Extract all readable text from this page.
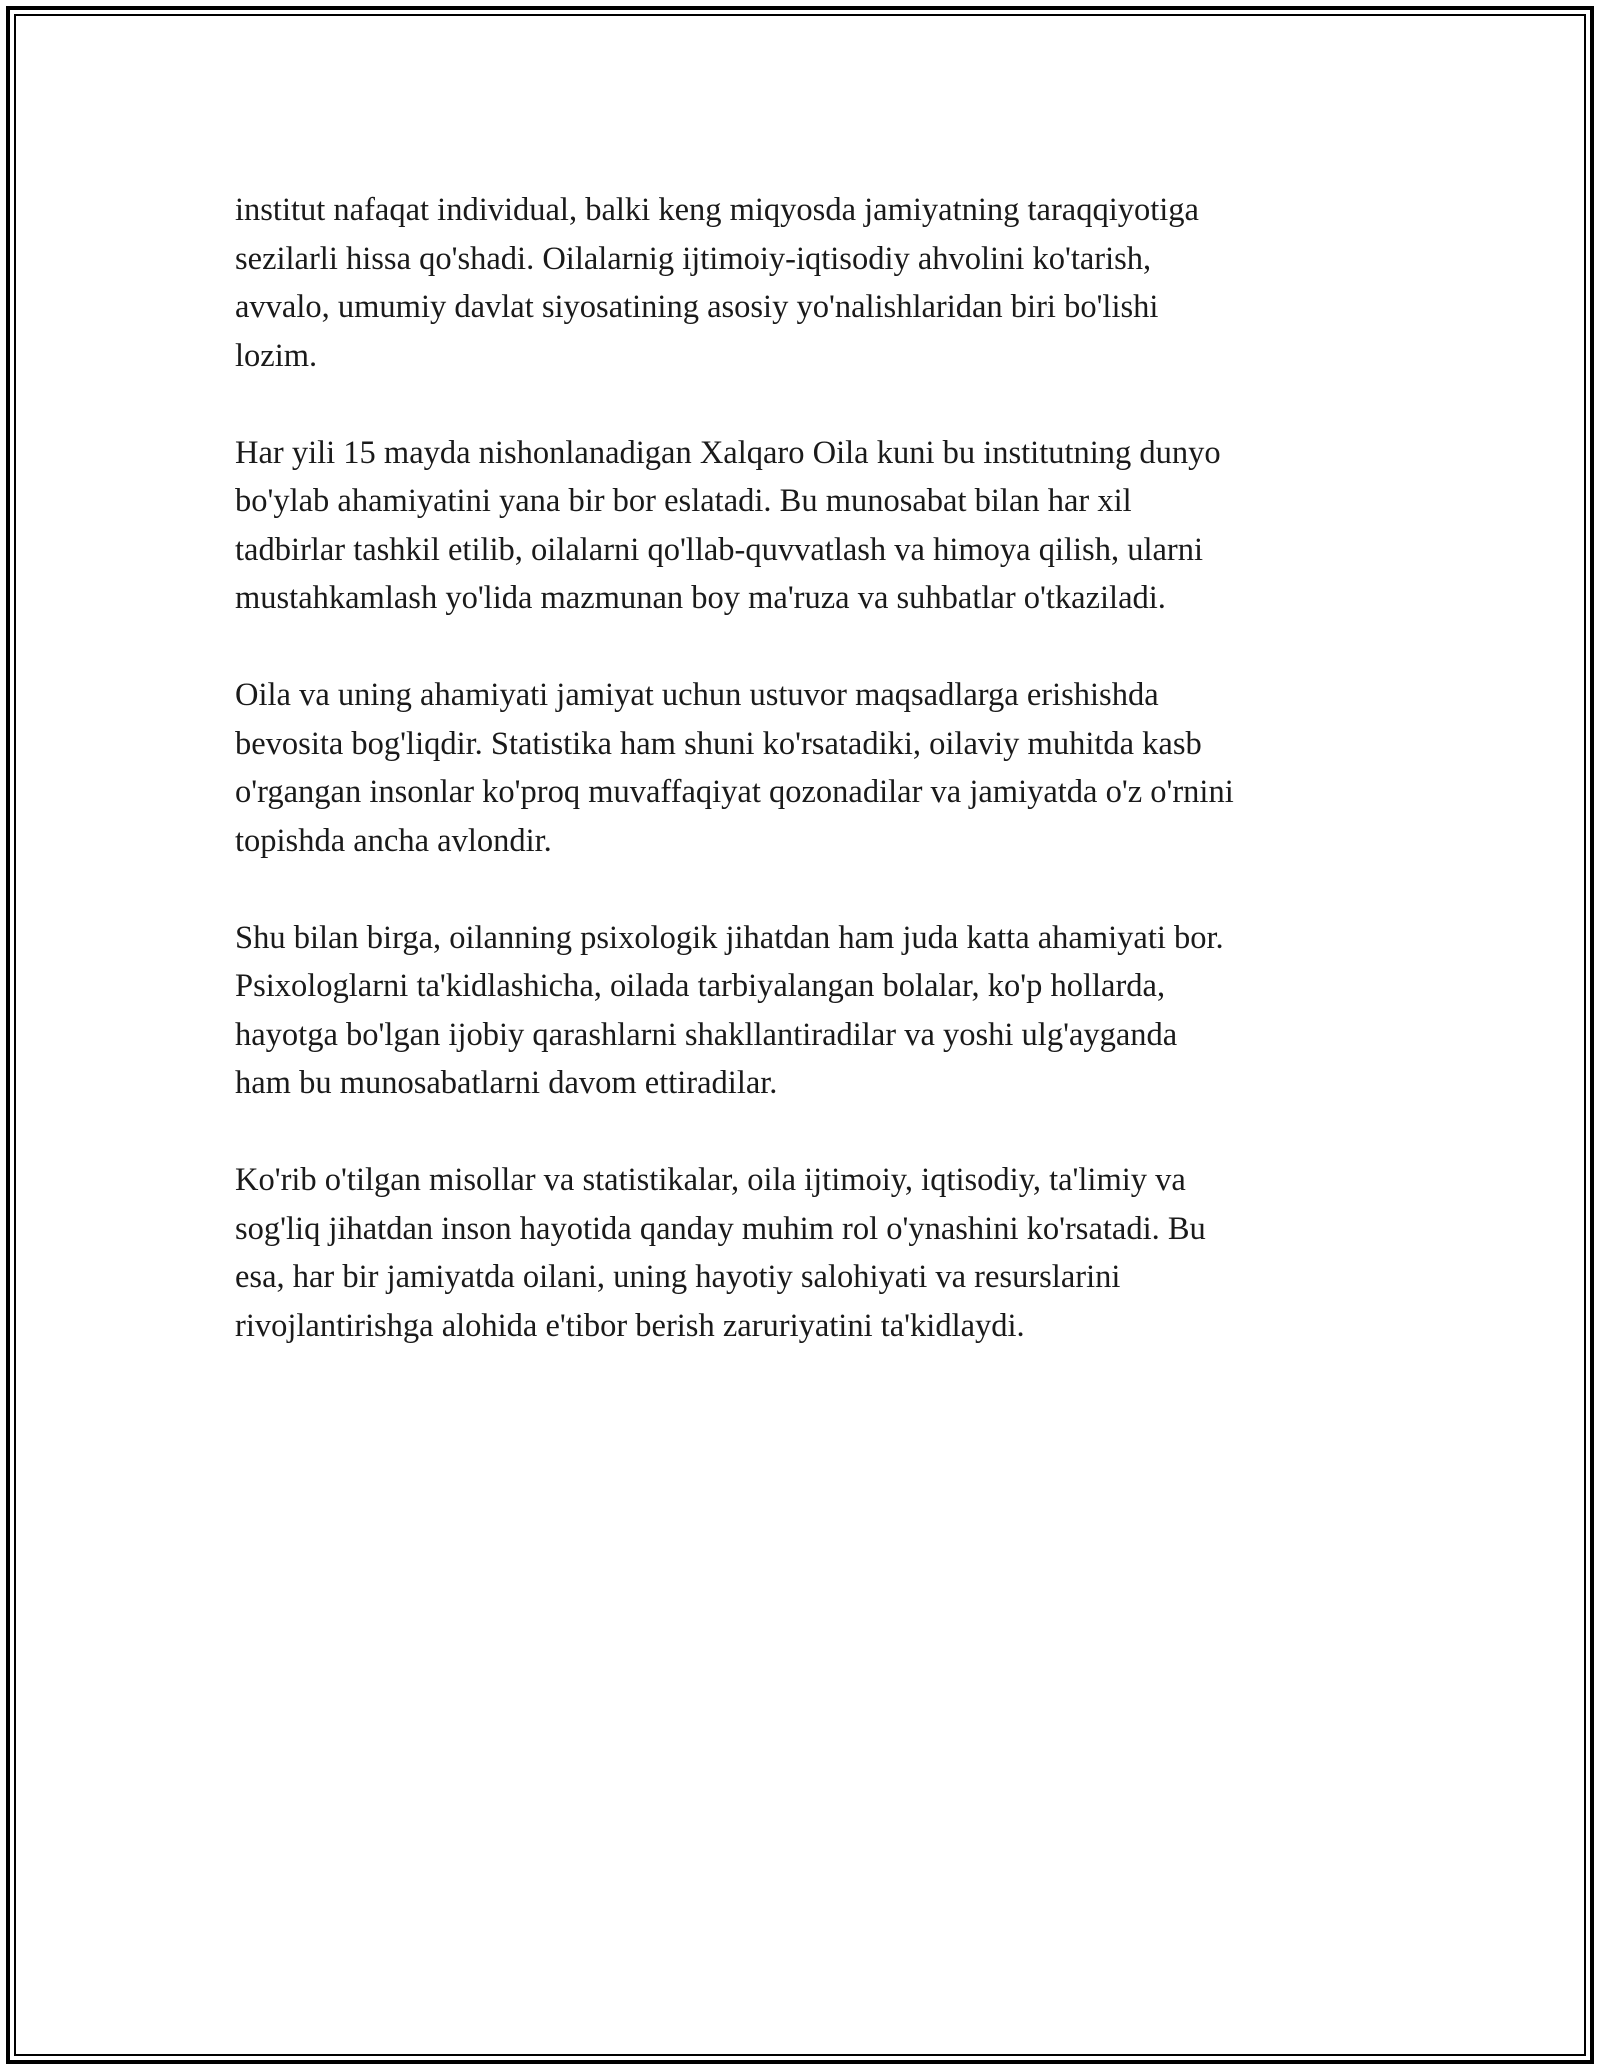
institut nafaqat individual, balki keng miqyosda jamiyatning taraqqiyotiga
sezilarli hissa qo'shadi. Oilalarnig ijtimoiy-iqtisodiy ahvolini ko'tarish,
avvalo, umumiy davlat siyosatining asosiy yo'nalishlaridan biri bo'lishi
lozim.

Har yili 15 mayda nishonlanadigan Xalqaro Oila kuni bu institutning dunyo
bo'ylab ahamiyatini yana bir bor eslatadi. Bu munosabat bilan har xil
tadbirlar tashkil etilib, oilalarni qo'llab-quvvatlash va himoya qilish, ularni
mustahkamlash yo'lida mazmunan boy ma'ruza va suhbatlar o'tkaziladi.

Oila va uning ahamiyati jamiyat uchun ustuvor maqsadlarga erishishda
bevosita bog'liqdir. Statistika ham shuni ko'rsatadiki, oilaviy muhitda kasb
o'rgangan insonlar ko'proq muvaffaqiyat qozonadilar va jamiyatda o'z o'rnini
topishda ancha avlondir.

Shu bilan birga, oilanning psixologik jihatdan ham juda katta ahamiyati bor.
Psixologlarni ta'kidlashicha, oilada tarbiyalangan bolalar, ko'p hollarda,
hayotga bo'lgan ijobiy qarashlarni shakllantiradilar va yoshi ulg'ayganda
ham bu munosabatlarni davom ettiradilar.

Ko'rib o'tilgan misollar va statistikalar, oila ijtimoiy, iqtisodiy, ta'limiy va
sog'liq jihatdan inson hayotida qanday muhim rol o'ynashini ko'rsatadi. Bu
esa, har bir jamiyatda oilani, uning hayotiy salohiyati va resurslarini
rivojlantirishga alohida e'tibor berish zaruriyatini ta'kidlaydi.
